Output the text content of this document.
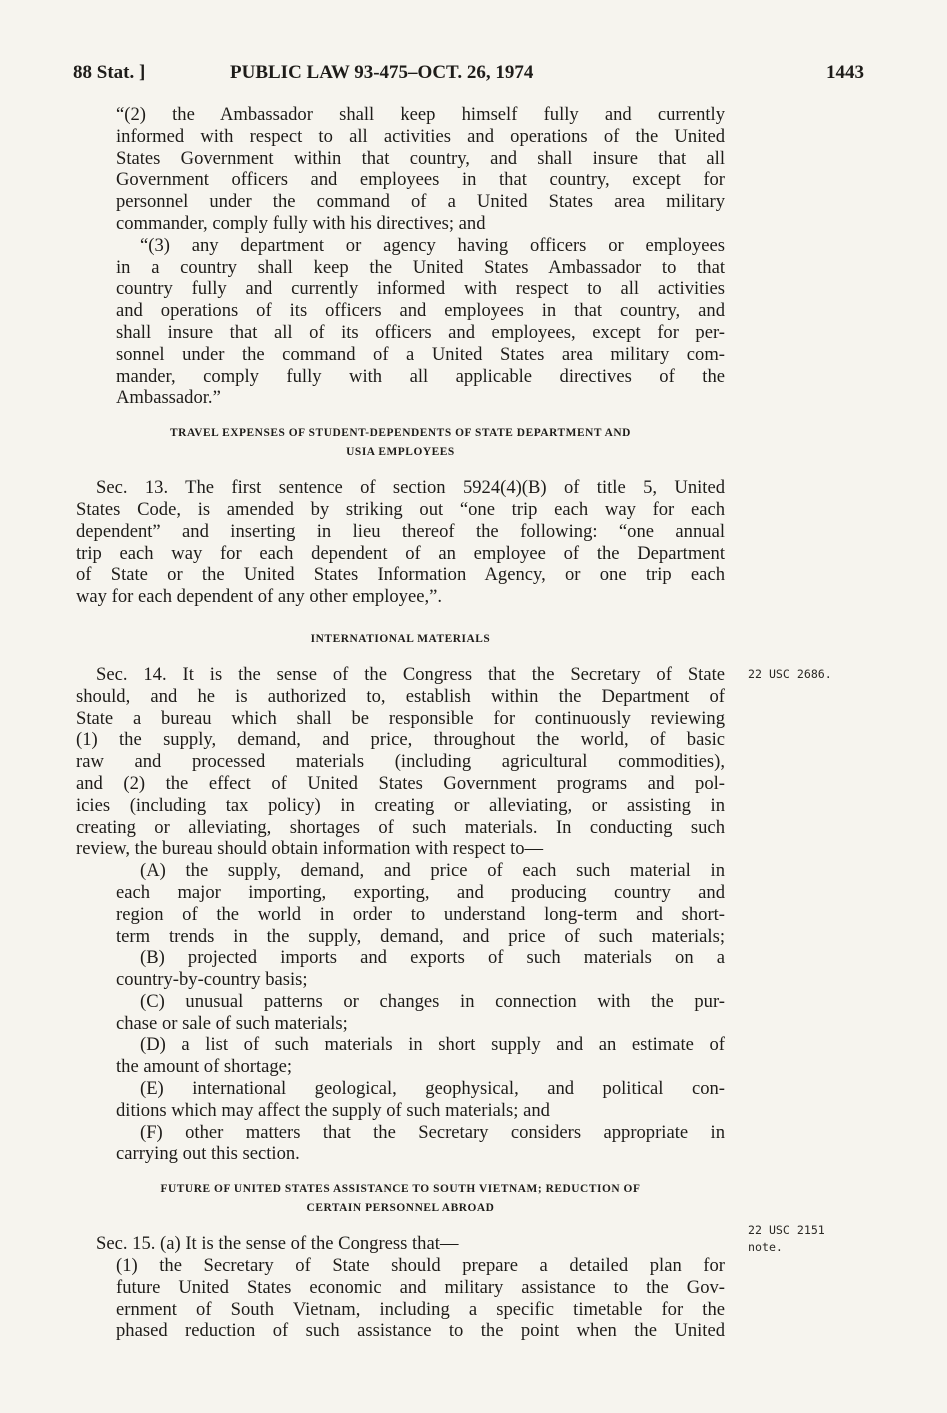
88 Stat. ]	PUBLIC LAW 93-475–OCT. 26, 1974	1443
“(2) the Ambassador shall keep himself fully and currently
informed with respect to all activities and operations of the United
States Government within that country, and shall insure that all
Government officers and employees in that country, except for
personnel under the command of a United States area military
commander, comply fully with his directives; and
“(3) any department or agency having officers or employees
in a country shall keep the United States Ambassador to that
country fully and currently informed with respect to all activities
and operations of its officers and employees in that country, and
shall insure that all of its officers and employees, except for per-
sonnel under the command of a United States area military com-
mander, comply fully with all applicable directives of the
Ambassador.”
TRAVEL EXPENSES OF STUDENT-DEPENDENTS OF STATE DEPARTMENT AND
USIA EMPLOYEES
Sec. 13. The first sentence of section 5924(4)(B) of title 5, United
States Code, is amended by striking out “one trip each way for each
dependent” and inserting in lieu thereof the following: “one annual
trip each way for each dependent of an employee of the Department
of State or the United States Information Agency, or one trip each
way for each dependent of any other employee,”.
INTERNATIONAL MATERIALS
Sec. 14. It is the sense of the Congress that the Secretary of State
should, and he is authorized to, establish within the Department of
State a bureau which shall be responsible for continuously reviewing
(1) the supply, demand, and price, throughout the world, of basic
raw and processed materials (including agricultural commodities),
and (2) the effect of United States Government programs and pol-
icies (including tax policy) in creating or alleviating, or assisting in
creating or alleviating, shortages of such materials. In conducting such
review, the bureau should obtain information with respect to—
(A) the supply, demand, and price of each such material in
each major importing, exporting, and producing country and
region of the world in order to understand long-term and short-
term trends in the supply, demand, and price of such materials;
(B) projected imports and exports of such materials on a
country-by-country basis;
(C) unusual patterns or changes in connection with the pur-
chase or sale of such materials;
(D) a list of such materials in short supply and an estimate of
the amount of shortage;
(E) international geological, geophysical, and political con-
ditions which may affect the supply of such materials; and
(F) other matters that the Secretary considers appropriate in
carrying out this section.
FUTURE OF UNITED STATES ASSISTANCE TO SOUTH VIETNAM; REDUCTION OF
CERTAIN PERSONNEL ABROAD
Sec. 15. (a) It is the sense of the Congress that—
(1) the Secretary of State should prepare a detailed plan for
future United States economic and military assistance to the Gov-
ernment of South Vietnam, including a specific timetable for the
phased reduction of such assistance to the point when the United
22 USC 2686.
22 USC 2151
note.
